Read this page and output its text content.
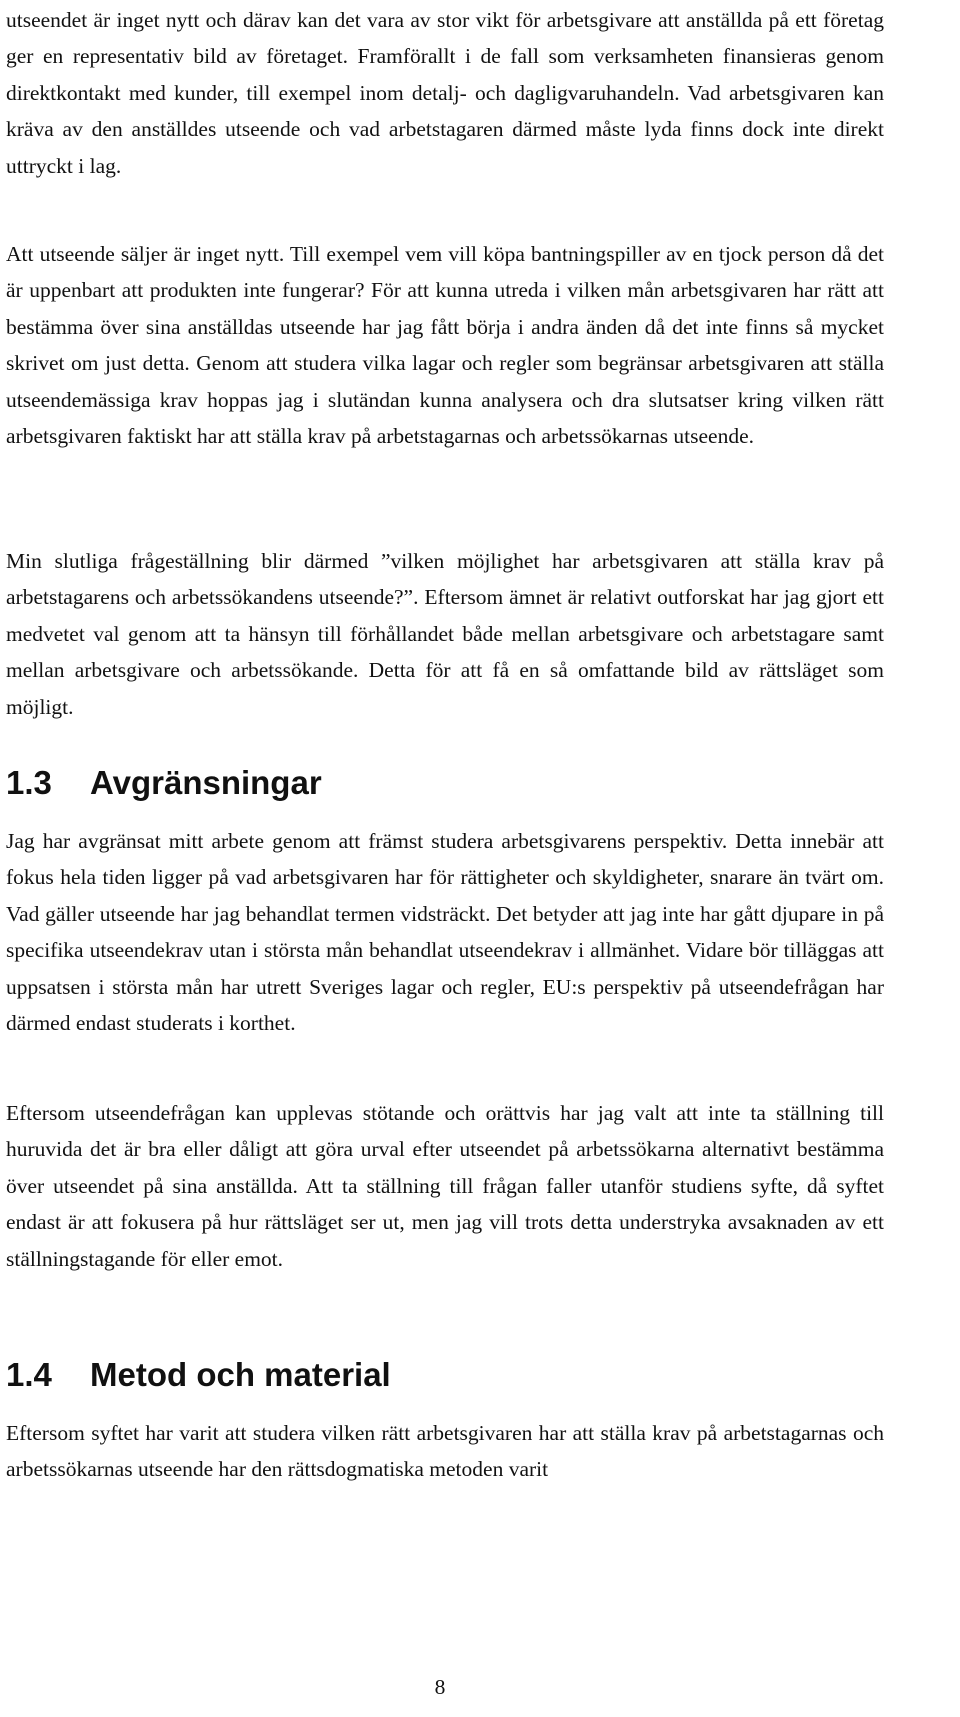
utseendet är inget nytt och därav kan det vara av stor vikt för arbetsgivare att anställda på ett företag ger en representativ bild av företaget. Framförallt i de fall som verksamheten finansieras genom direktkontakt med kunder, till exempel inom detalj- och dagligvaruhandeln. Vad arbetsgivaren kan kräva av den anställdes utseende och vad arbetstagaren därmed måste lyda finns dock inte direkt uttryckt i lag.

Att utseende säljer är inget nytt. Till exempel vem vill köpa bantningspiller av en tjock person då det är uppenbart att produkten inte fungerar? För att kunna utreda i vilken mån arbetsgivaren har rätt att bestämma över sina anställdas utseende har jag fått börja i andra änden då det inte finns så mycket skrivet om just detta. Genom att studera vilka lagar och regler som begränsar arbetsgivaren att ställa utseendemässiga krav hoppas jag i slutändan kunna analysera och dra slutsatser kring vilken rätt arbetsgivaren faktiskt har att ställa krav på arbetstagarnas och arbetssökarnas utseende.

Min slutliga frågeställning blir därmed ”vilken möjlighet har arbetsgivaren att ställa krav på arbetstagarens och arbetssökandens utseende?”. Eftersom ämnet är relativt outforskat har jag gjort ett medvetet val genom att ta hänsyn till förhållandet både mellan arbetsgivare och arbetstagare samt mellan arbetsgivare och arbetssökande. Detta för att få en så omfattande bild av rättsläget som möjligt.

1.3 Avgränsningar

Jag har avgränsat mitt arbete genom att främst studera arbetsgivarens perspektiv. Detta innebär att fokus hela tiden ligger på vad arbetsgivaren har för rättigheter och skyldigheter, snarare än tvärt om. Vad gäller utseende har jag behandlat termen vidsträckt. Det betyder att jag inte har gått djupare in på specifika utseendekrav utan i största mån behandlat utseendekrav i allmänhet. Vidare bör tilläggas att uppsatsen i största mån har utrett Sveriges lagar och regler, EU:s perspektiv på utseendefrågan har därmed endast studerats i korthet.

Eftersom utseendefrågan kan upplevas stötande och orättvis har jag valt att inte ta ställning till huruvida det är bra eller dåligt att göra urval efter utseendet på arbetssökarna alternativt bestämma över utseendet på sina anställda. Att ta ställning till frågan faller utanför studiens syfte, då syftet endast är att fokusera på hur rättsläget ser ut, men jag vill trots detta understryka avsaknaden av ett ställningstagande för eller emot.

1.4 Metod och material

Eftersom syftet har varit att studera vilken rätt arbetsgivaren har att ställa krav på arbetstagarnas och arbetssökarnas utseende har den rättsdogmatiska metoden varit

8
